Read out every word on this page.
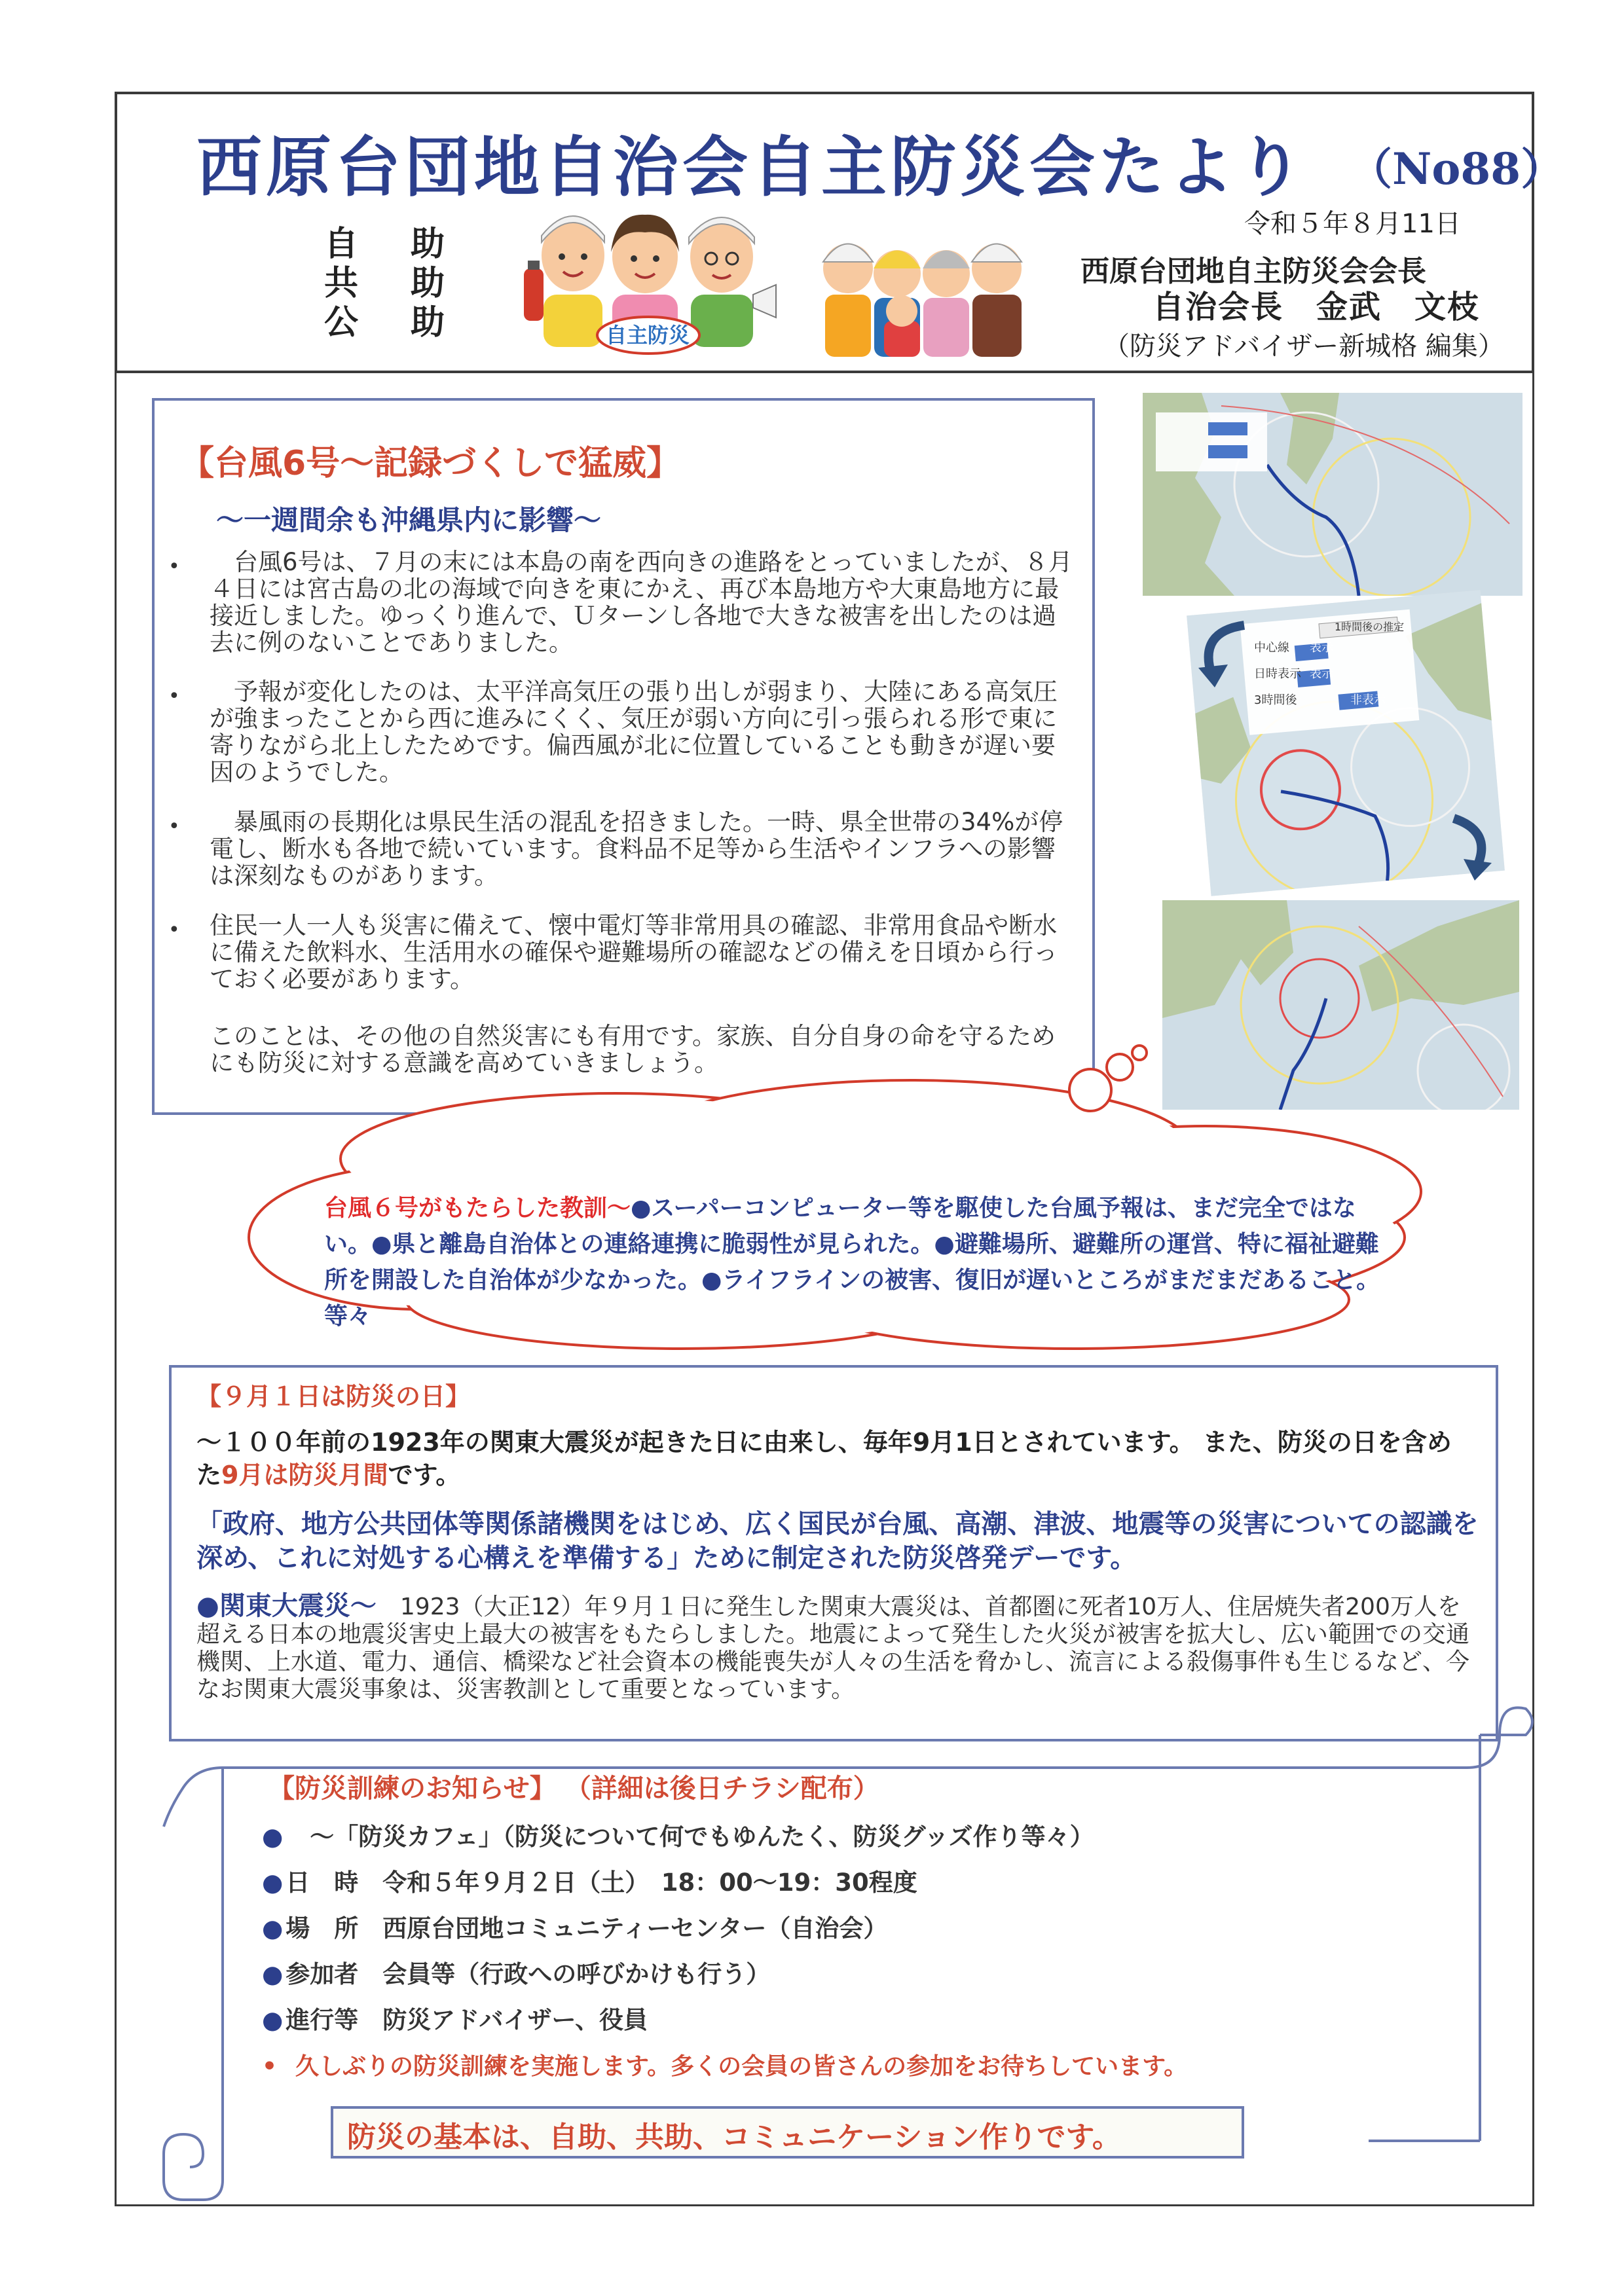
西原台団地自治会自主防災会たより （No88）
自助
共助
公助	自主防災
令和５年８月11日
西原台団地自主防災会会長
自治会長　金武　文枝
（防災アドバイザー新城格 編集）
【台風6号～記録づくしで猛威】
～一週間余も沖縄県内に影響～
• 　台風6号は、７月の末には本島の南を西向きの進路をとっていましたが、８月４日には宮古島の北の海域で向きを東にかえ、再び本島地方や大東島地方に最接近しました。ゆっくり進んで、Ｕターンし各地で大きな被害を出したのは過去に例のないことでありました。
• 　予報が変化したのは、太平洋高気圧の張り出しが弱まり、大陸にある高気圧が強まったことから西に進みにくく、気圧が弱い方向に引っ張られる形で東に寄りながら北上したためです。偏西風が北に位置していることも動きが遅い要因のようでした。
• 　暴風雨の長期化は県民生活の混乱を招きました。一時、県全世帯の34%が停電し、断水も各地で続いています。食料品不足等から生活やインフラへの影響は深刻なものがあります。
• 住民一人一人も災害に備えて、懐中電灯等非常用具の確認、非常用食品や断水に備えた飲料水、生活用水の確保や避難場所の確認などの備えを日頃から行っておく必要があります。
このことは、その他の自然災害にも有用です。家族、自分自身の命を守るためにも防災に対する意識を高めていきましょう。
中心線 表示
日時表示 表示
3時間後	非表示
1時間後の推定
台風６号がもたらした教訓～●スーパーコンピューター等を駆使した台風予報は、まだ完全ではない。●県と離島自治体との連絡連携に脆弱性が見られた。●避難場所、避難所の運営、特に福祉避難所を開設した自治体が少なかった。●ライフラインの被害、復旧が遅いところがまだまだあること。等々
【９月１日は防災の日】
～１００年前の1923年の関東大震災が起きた日に由来し、毎年9月1日とされています。 また、防災の日を含めた9月は防災月間です。
「政府、地方公共団体等関係諸機関をはじめ、広く国民が台風、高潮、津波、地震等の災害についての認識を深め、これに対処する心構えを準備する」ために制定された防災啓発デーです。
●関東大震災～　1923（大正12）年９月１日に発生した関東大震災は、首都圏に死者10万人、住居焼失者200万人を超える日本の地震災害史上最大の被害をもたらしました。地震によって発生した火災が被害を拡大し、広い範囲での交通機関、上水道、電力、通信、橋梁など社会資本の機能喪失が人々の生活を脅かし、流言による殺傷事件も生じるなど、今なお関東大震災事象は、災害教訓として重要となっています。
【防災訓練のお知らせ】 （詳細は後日チラシ配布）
●　～「防災カフェ」（防災について何でもゆんたく、防災グッズ作り等々）
● 日　時　令和５年９月２日（土）　18：00～19：30程度
● 場　所　西原台団地コミュニティーセンター（自治会）
● 参加者　会員等（行政への呼びかけも行う）
● 進行等　防災アドバイザー、役員
• 久しぶりの防災訓練を実施します。多くの会員の皆さんの参加をお待ちしています。
防災の基本は、自助、共助、コミュニケーション作りです。
